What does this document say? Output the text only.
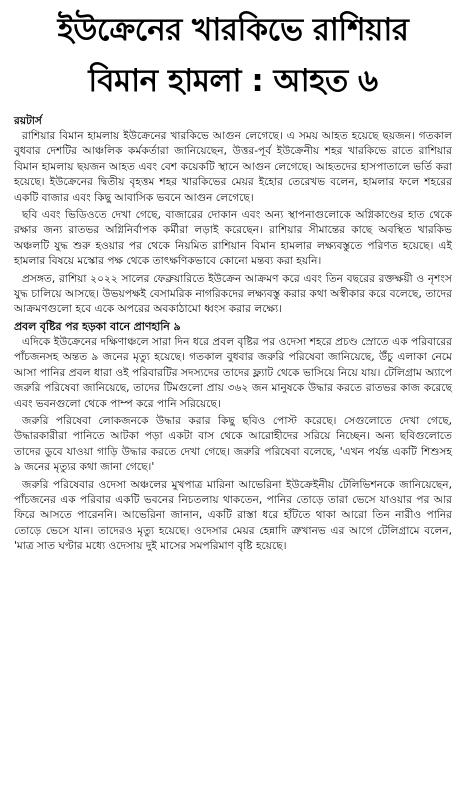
ইউক্রেনের খারকিভে রাশিয়ার
বিমান হামলা : আহত ৬
রয়টার্স

রাশিয়ার বিমান হামলায় ইউক্রেনের খারকিভে আগুন লেগেছে। এ সময় আহত হয়েছে ছয়জন। গতকাল বুধবার দেশটির আঞ্চলিক কর্মকর্তারা জানিয়েছেন, উত্তর-পূর্ব ইউক্রেনীয় শহর খারকিভে রাতে রাশিয়ার বিমান হামলায় ছয়জন আহত এবং বেশ কয়েকটি স্থানে আগুন লেগেছে। আহতদের হাসপাতালে ভর্তি করা হয়েছে। ইউক্রেনের দ্বিতীয় বৃহত্তম শহর খারকিভের মেয়র ইহোর তেরেখভ বলেন, হামলার ফলে শহরের একটি বাজার এবং কিছু আবাসিক ভবনে আগুন লেগেছে।

ছবি এবং ভিডিওতে দেখা গেছে, বাজারের দোকান এবং অন্য স্থাপনাগুলোকে অগ্নিকাণ্ডের হাত থেকে রক্ষার জন্য রাতভর অগ্নিনির্বাপক কর্মীরা লড়াই করেছেন। রাশিয়ার সীমান্তের কাছে অবস্থিত খারকিভ অঞ্চলটি যুদ্ধ শুরু হওয়ার পর থেকে নিয়মিত রাশিয়ান বিমান হামলার লক্ষ্যবস্তুতে পরিণত হয়েছে। এই হামলার বিষয়ে মস্কোর পক্ষ থেকে তাৎক্ষণিকভাবে কোনো মন্তব্য করা হয়নি।

প্রসঙ্গত, রাশিয়া ২০২২ সালের ফেব্রুয়ারিতে ইউক্রেন আক্রমণ করে এবং তিন বছরের রক্তক্ষয়ী ও নৃশংস যুদ্ধ চালিয়ে আসছে। উভয়পক্ষই বেসামরিক নাগরিকদের লক্ষ্যবস্তু করার কথা অস্বীকার করে বলেছে, তাদের আক্রমণগুলো হবে একে অপরের অবকাঠামো ধ্বংস করার লক্ষ্যে।

প্রবল বৃষ্টির পর হড়কা বানে প্রাণহানি ৯

এদিকে ইউক্রেনের দক্ষিণাঞ্চলে সারা দিন ধরে প্রবল বৃষ্টির পর ওদেসা শহরে প্রচণ্ড স্রোতে এক পরিবারের পাঁচজনসহ অন্তত ৯ জনের মৃত্যু হয়েছে। গতকাল বুধবার জরুরি পরিষেবা জানিয়েছে, উঁচু এলাকা নেমে আসা পানির প্রবল ধারা ওই পরিবারটির সদস্যদের তাদের ফ্ল্যাট থেকে ভাসিয়ে নিয়ে যায়। টেলিগ্রাম অ্যাপে জরুরি পরিষেবা জানিয়েছে, তাদের টিমগুলো প্রায় ৩৬২ জন মানুষকে উদ্ধার করতে রাতভর কাজ করেছে এবং ভবনগুলো থেকে পাম্প করে পানি সরিয়েছে।

জরুরি পরিষেবা লোকজনকে উদ্ধার করার কিছু ছবিও পোস্ট করেছে। সেগুলোতে দেখা গেছে, উদ্ধারকারীরা পানিতে আটকা পড়া একটা বাস থেকে আরোহীদের সরিয়ে নিচ্ছেন। অন্য ছবিগুলোতে তাদের ডুবে যাওয়া গাড়ি উদ্ধার করতে দেখা গেছে। জরুরি পরিষেবা বলেছে, 'এখন পর্যন্ত একটি শিশুসহ ৯ জনের মৃত্যুর কথা জানা গেছে।'

জরুরি পরিষেবার ওদেসা অঞ্চলের মুখপাত্র মারিনা আভেরিনা ইউক্রেইনীয় টেলিভিশনকে জানিয়েছেন, পাঁচজনের এক পরিবার একটি ভবনের নিচতলায় থাকতেন, পানির তোড়ে তারা ভেসে যাওয়ার পর আর ফিরে আসতে পারেননি। আভেরিনা জানান, একটি রাস্তা ধরে হাঁটতে থাকা আরো তিন নারীও পানির তোড়ে ভেসে যান। তাদেরও মৃত্যু হয়েছে। ওদেসার মেয়র হেন্নাদি ত্রুখানভ এর আগে টেলিগ্রামে বলেন, 'মাত্র সাত ঘণ্টার মধ্যে ওদেসায় দুই মাসের সমপরিমাণ বৃষ্টি হয়েছে।
